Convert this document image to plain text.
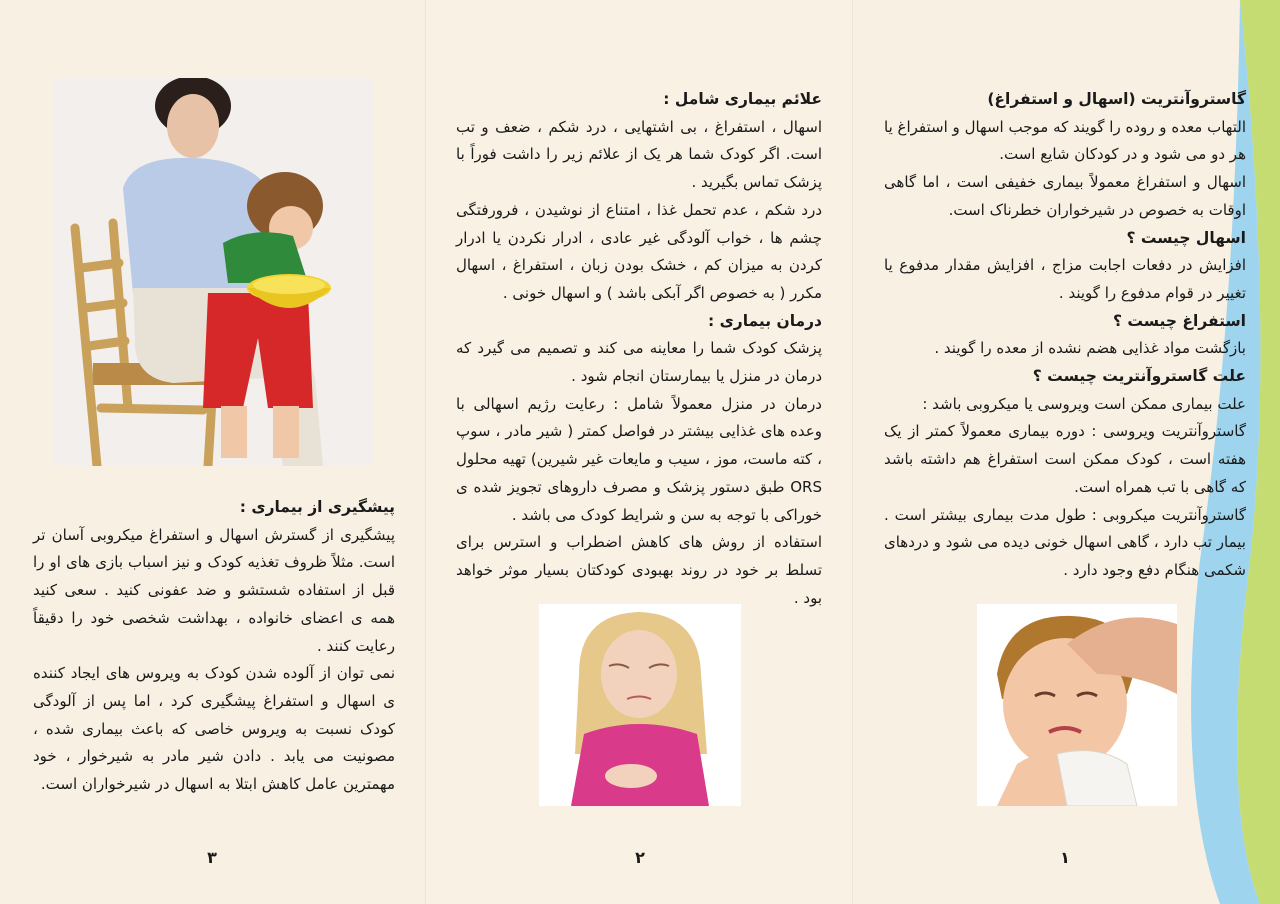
پیشگیری از بیماری :

پیشگیری از گسترش اسهال و استفراغ میکروبی آسان تر است. مثلاً ظروف تغذیه کودک و نیز اسباب بازی های او را قبل از استفاده شستشو و ضد عفونی کنید . سعی کنید همه ی اعضای خانواده ، بهداشت شخصی خود را دقیقاً رعایت کنند .

نمی توان از آلوده شدن کودک به ویروس های ایجاد کننده ی اسهال و استفراغ پیشگیری کرد ، اما پس از آلودگی کودک نسبت به ویروس خاصی که باعث بیماری شده ، مصونیت می یابد . دادن شیر مادر به شیرخوار ، خود مهمترین عامل کاهش ابتلا به اسهال در شیرخواران است.

۳
علائم بیماری شامل :

اسهال ، استفراغ ، بی اشتهایی ، درد شکم ، ضعف و تب است. اگر کودک شما هر یک از علائم زیر را داشت فوراً با پزشک تماس بگیرید .

درد شکم ، عدم تحمل غذا ، امتناع از نوشیدن ، فرورفتگی چشم ها ، خواب آلودگی غیر عادی ، ادرار نکردن یا ادرار کردن به میزان کم ، خشک بودن زبان ، استفراغ ، اسهال مکرر ( به خصوص اگر آبکی باشد ) و اسهال خونی .

درمان بیماری :

پزشک کودک شما را معاینه می کند و تصمیم می گیرد که درمان در منزل یا بیمارستان انجام شود .

درمان در منزل معمولاً شامل : رعایت رژیم اسهالی با وعده های غذایی بیشتر در فواصل کمتر ( شیر مادر ، سوپ ، کته ماست، موز ، سیب و مایعات غیر شیرین) تهیه محلول ORS طبق دستور پزشک و مصرف داروهای تجویز شده ی خوراکی با توجه به سن و شرایط کودک می باشد .

استفاده از روش های کاهش اضطراب و استرس برای تسلط بر خود در روند بهبودی کودکتان بسیار موثر خواهد بود .

۲
گاستروآنتریت (اسهال و استفراغ)

التهاب معده و روده را گویند که موجب اسهال و استفراغ یا هر دو می شود و در کودکان شایع است.

اسهال و استفراغ معمولاً بیماری خفیفی است ، اما گاهی اوقات به خصوص در شیرخواران خطرناک است.

اسهال چیست ؟

افزایش در دفعات اجابت مزاج ، افزایش مقدار مدفوع یا تغییر در قوام مدفوع را گویند .

استفراغ چیست ؟

بازگشت مواد غذایی هضم نشده از معده را گویند .

علت گاستروآنتریت چیست ؟

علت بیماری ممکن است ویروسی یا میکروبی باشد :

گاستروآنتریت ویروسی : دوره بیماری معمولاً کمتر از یک هفته است ، کودک ممکن است استفراغ هم داشته باشد که گاهی با تب همراه است.

گاستروآنتریت میکروبی : طول مدت بیماری بیشتر است . بیمار تب دارد ، گاهی اسهال خونی دیده می شود و دردهای شکمی هنگام دفع وجود دارد .

۱
